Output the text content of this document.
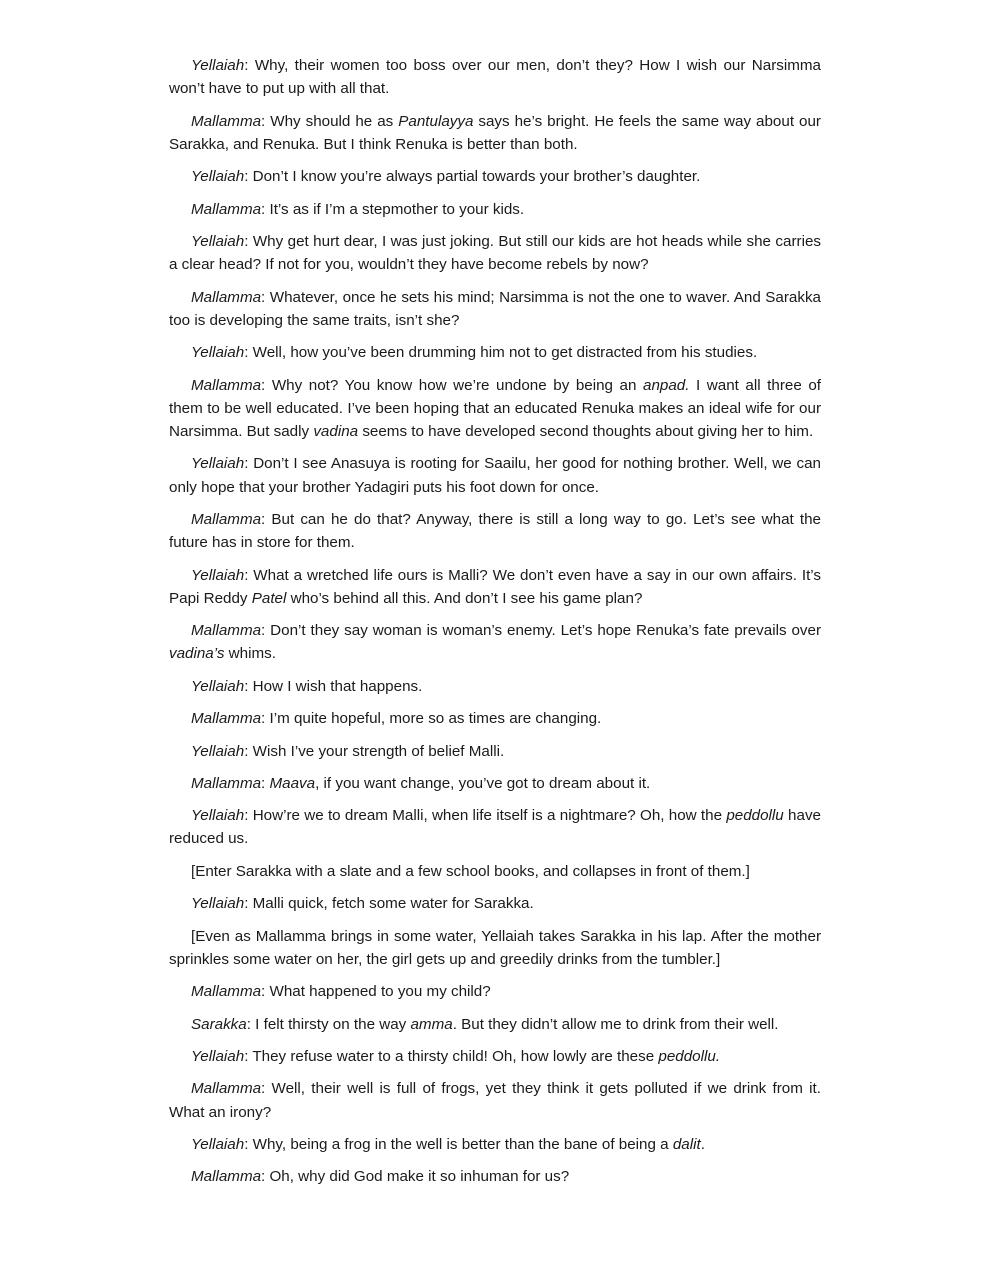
Yellaiah: Why, their women too boss over our men, don’t they? How I wish our Narsimma won’t have to put up with all that.

Mallamma: Why should he as Pantulayya says he’s bright. He feels the same way about our Sarakka, and Renuka. But I think Renuka is better than both.

Yellaiah: Don’t I know you’re always partial towards your brother’s daughter.

Mallamma: It’s as if I’m a stepmother to your kids.

Yellaiah: Why get hurt dear, I was just joking. But still our kids are hot heads while she carries a clear head? If not for you, wouldn’t they have become rebels by now?

Mallamma: Whatever, once he sets his mind; Narsimma is not the one to waver. And Sarakka too is developing the same traits, isn’t she?

Yellaiah: Well, how you’ve been drumming him not to get distracted from his studies.

Mallamma: Why not? You know how we’re undone by being an anpad. I want all three of them to be well educated. I’ve been hoping that an educated Renuka makes an ideal wife for our Narsimma. But sadly vadina seems to have developed second thoughts about giving her to him.

Yellaiah: Don’t I see Anasuya is rooting for Saailu, her good for nothing brother. Well, we can only hope that your brother Yadagiri puts his foot down for once.

Mallamma: But can he do that? Anyway, there is still a long way to go. Let’s see what the future has in store for them.

Yellaiah: What a wretched life ours is Malli? We don’t even have a say in our own affairs. It’s Papi Reddy Patel who’s behind all this. And don’t I see his game plan?

Mallamma: Don’t they say woman is woman’s enemy. Let’s hope Renuka’s fate prevails over vadina’s whims.

Yellaiah: How I wish that happens.

Mallamma: I’m quite hopeful, more so as times are changing.

Yellaiah: Wish I’ve your strength of belief Malli.

Mallamma: Maava, if you want change, you’ve got to dream about it.

Yellaiah: How’re we to dream Malli, when life itself is a nightmare? Oh, how the peddollu have reduced us.

[Enter Sarakka with a slate and a few school books, and collapses in front of them.]

Yellaiah: Malli quick, fetch some water for Sarakka.

[Even as Mallamma brings in some water, Yellaiah takes Sarakka in his lap. After the mother sprinkles some water on her, the girl gets up and greedily drinks from the tumbler.]

Mallamma: What happened to you my child?

Sarakka: I felt thirsty on the way amma. But they didn’t allow me to drink from their well.

Yellaiah: They refuse water to a thirsty child! Oh, how lowly are these peddollu.

Mallamma: Well, their well is full of frogs, yet they think it gets polluted if we drink from it. What an irony?

Yellaiah: Why, being a frog in the well is better than the bane of being a dalit.

Mallamma: Oh, why did God make it so inhuman for us?
